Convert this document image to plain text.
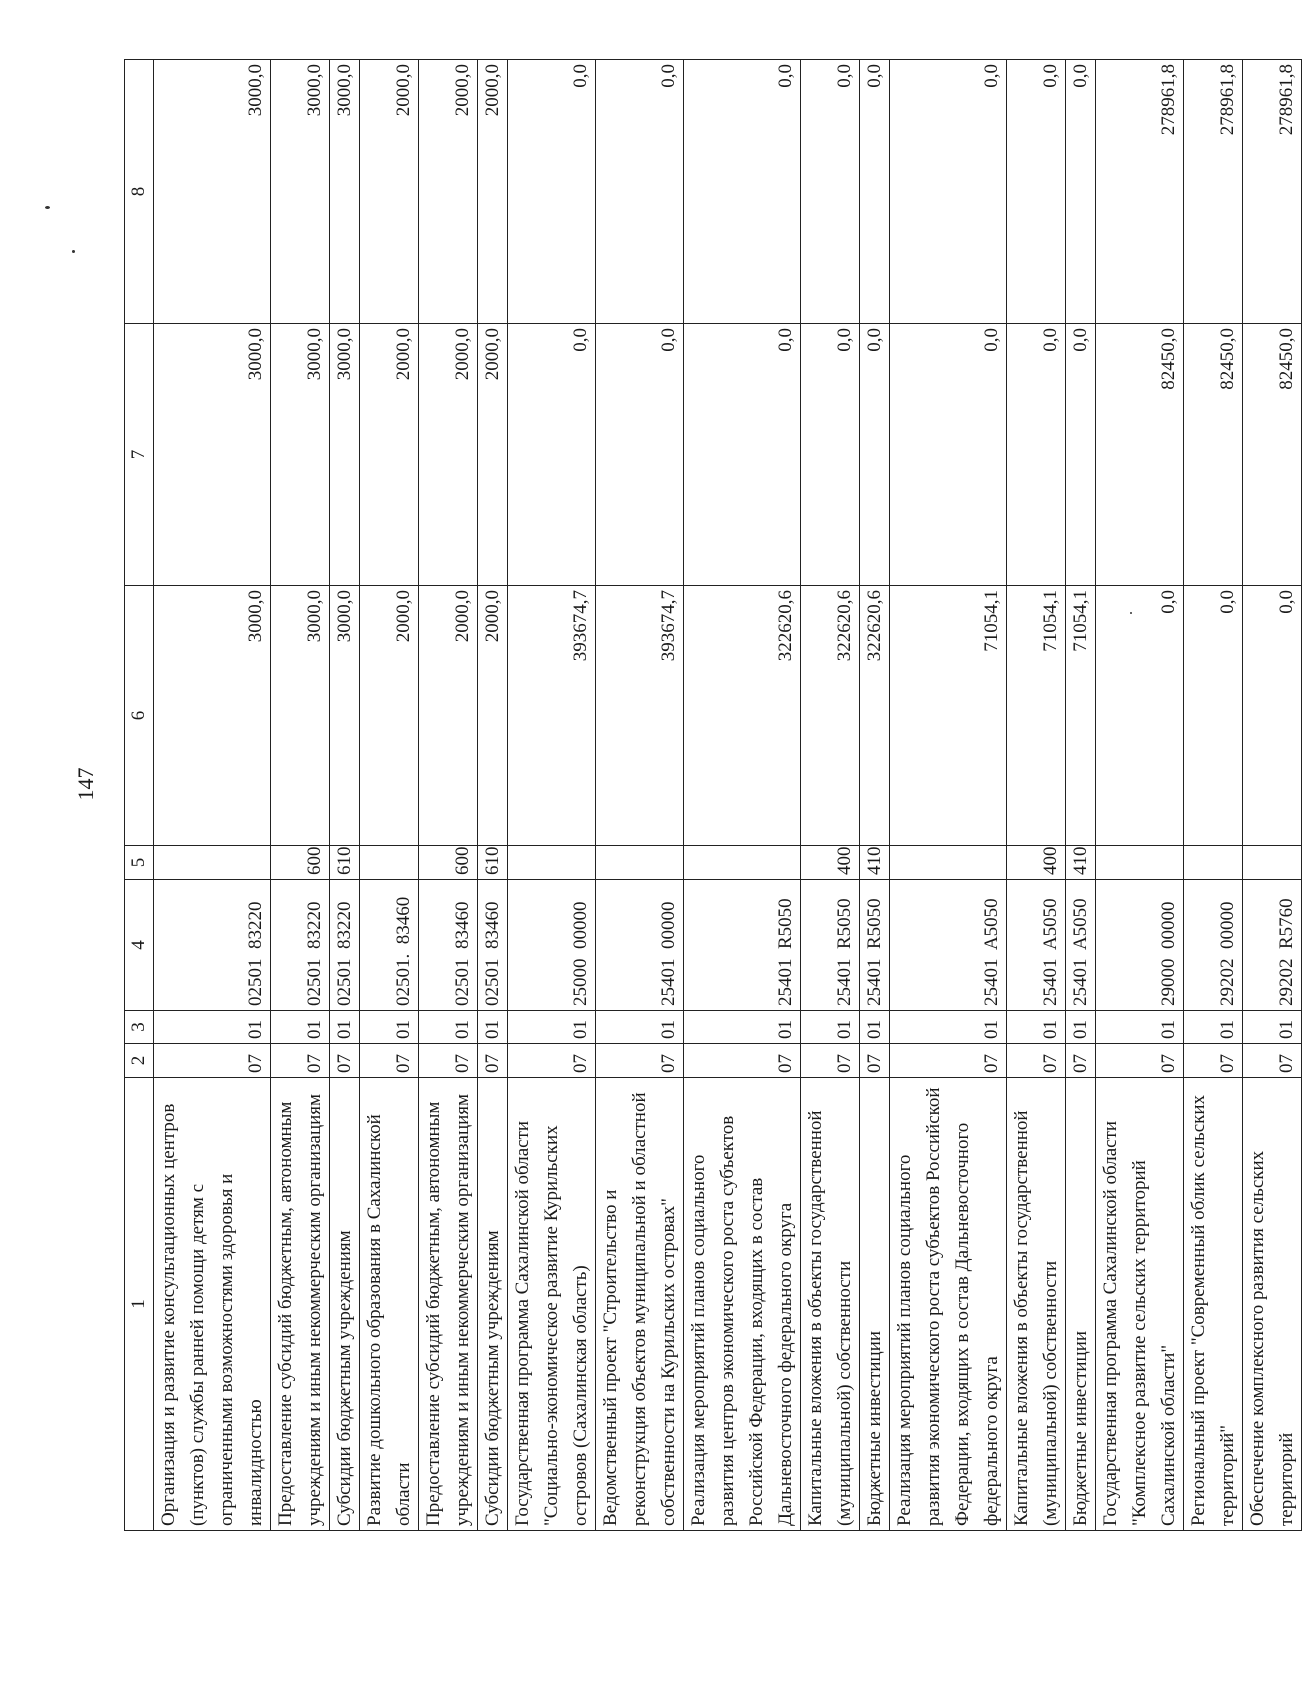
147
1	2	3	4	5	6	7	8
Организация и развитие консультационных центров (пунктов) службы ранней помощи детям с ограниченными возможностями здоровья и инвалидностью	07	01	02501  83220		3000,0	3000,0	3000,0
Предоставление субсидий бюджетным, автономным учреждениям и иным некоммерческим организациям	07	01	02501  83220	600	3000,0	3000,0	3000,0
Субсидии бюджетным учреждениям	07	01	02501  83220	610	3000,0	3000,0	3000,0
Развитие дошкольного образования в Сахалинской области	07	01	02501.  83460		2000,0	2000,0	2000,0
Предоставление субсидий бюджетным, автономным учреждениям и иным некоммерческим организациям	07	01	02501  83460	600	2000,0	2000,0	2000,0
Субсидии бюджетным учреждениям	07	01	02501  83460	610	2000,0	2000,0	2000,0
Государственная программа Сахалинской области "Социально-экономическое развитие Курильских островов (Сахалинская область)	07	01	25000  00000		393674,7	0,0	0,0
Ведомственный проект "Строительство и реконструкция объектов муниципальной и областной собственности на Курильских островах"	07	01	25401  00000		393674,7	0,0	0,0
Реализация мероприятий планов социального развития центров экономического роста субъектов Российской Федерации, входящих в состав Дальневосточного федерального округа	07	01	25401  R5050		322620,6	0,0	0,0
Капитальные вложения в объекты государственной (муниципальной) собственности	07	01	25401  R5050	400	322620,6	0,0	0,0
Бюджетные инвестиции	07	01	25401  R5050	410	322620,6	0,0	0,0
Реализация мероприятий планов социального развития экономического роста субъектов Российской Федерации, входящих в состав Дальневосточного федерального округа	07	01	25401  A5050		71054,1	0,0	0,0
Капитальные вложения в объекты государственной (муниципальной) собственности	07	01	25401  A5050	400	71054,1	0,0	0,0
Бюджетные инвестиции	07	01	25401  A5050	410	71054,1	0,0	0,0
Государственная программа Сахалинской области "Комплексное развитие сельских территорий Сахалинской области"	07	01	29000  00000		0,0	82450,0	278961,8
Региональный проект "Современный облик сельских территорий"	07	01	29202  00000		0,0	82450,0	278961,8
Обеспечение комплексного развития сельских территорий	07	01	29202  R5760		0,0	82450,0	278961,8
